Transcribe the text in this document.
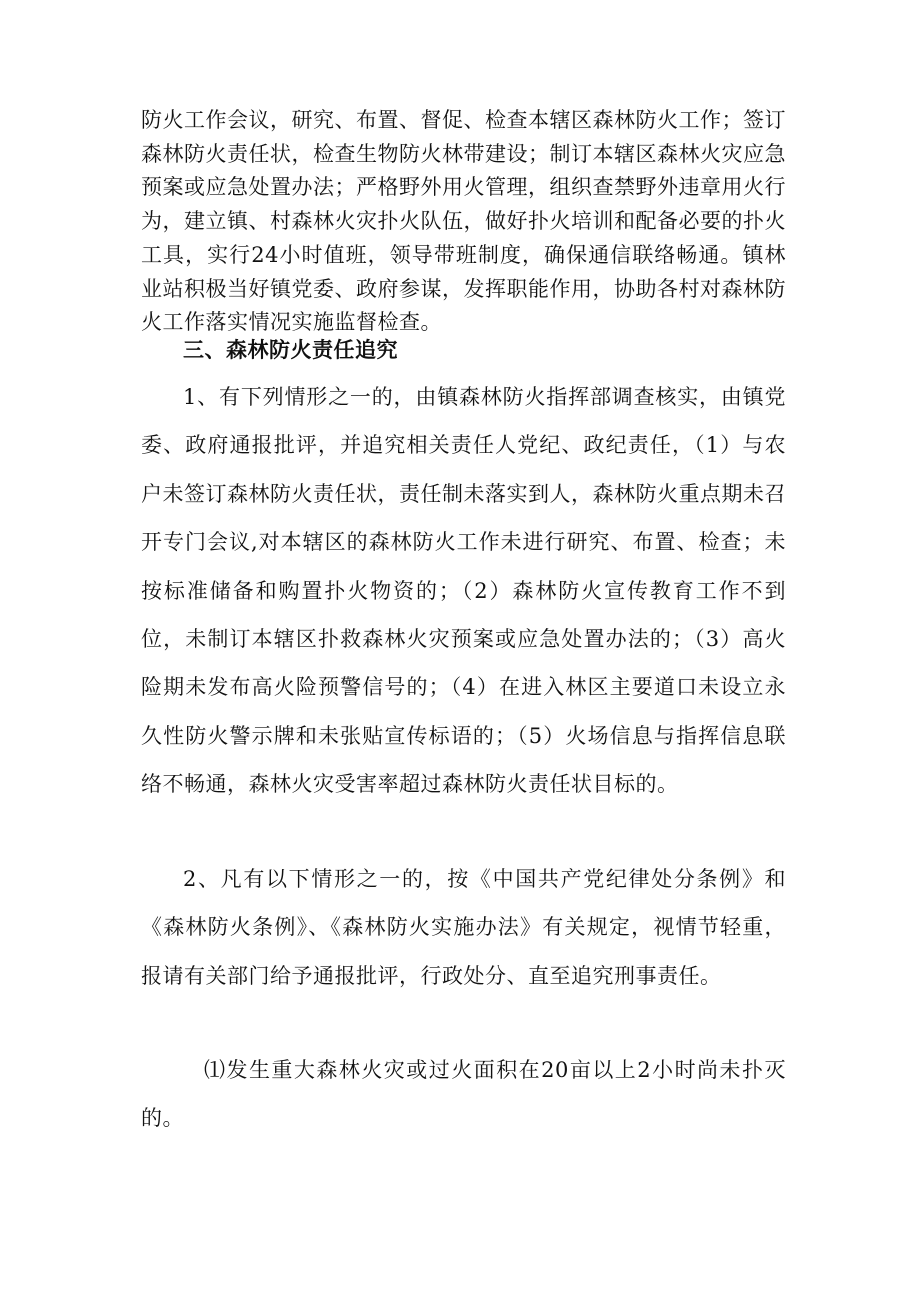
防火工作会议，研究、布置、督促、检查本辖区森林防火工作；签订森林防火责任状，检查生物防火林带建设；制订本辖区森林火灾应急预案或应急处置办法；严格野外用火管理，组织查禁野外违章用火行为，建立镇、村森林火灾扑火队伍，做好扑火培训和配备必要的扑火工具，实行24小时值班，领导带班制度，确保通信联络畅通。镇林业站积极当好镇党委、政府参谋，发挥职能作用，协助各村对森林防火工作落实情况实施监督检查。

三、森林防火责任追究

1、有下列情形之一的，由镇森林防火指挥部调查核实，由镇党委、政府通报批评，并追究相关责任人党纪、政纪责任，（1）与农户未签订森林防火责任状，责任制未落实到人，森林防火重点期未召开专门会议,对本辖区的森林防火工作未进行研究、布置、检查；未按标准储备和购置扑火物资的；（2）森林防火宣传教育工作不到位，未制订本辖区扑救森林火灾预案或应急处置办法的；（3）高火险期未发布高火险预警信号的；（4）在进入林区主要道口未设立永久性防火警示牌和未张贴宣传标语的；（5）火场信息与指挥信息联络不畅通，森林火灾受害率超过森林防火责任状目标的。

2、凡有以下情形之一的，按《中国共产党纪律处分条例》和《森林防火条例》、《森林防火实施办法》有关规定，视情节轻重，报请有关部门给予通报批评，行政处分、直至追究刑事责任。

⑴发生重大森林火灾或过火面积在20亩以上2小时尚未扑灭的。
